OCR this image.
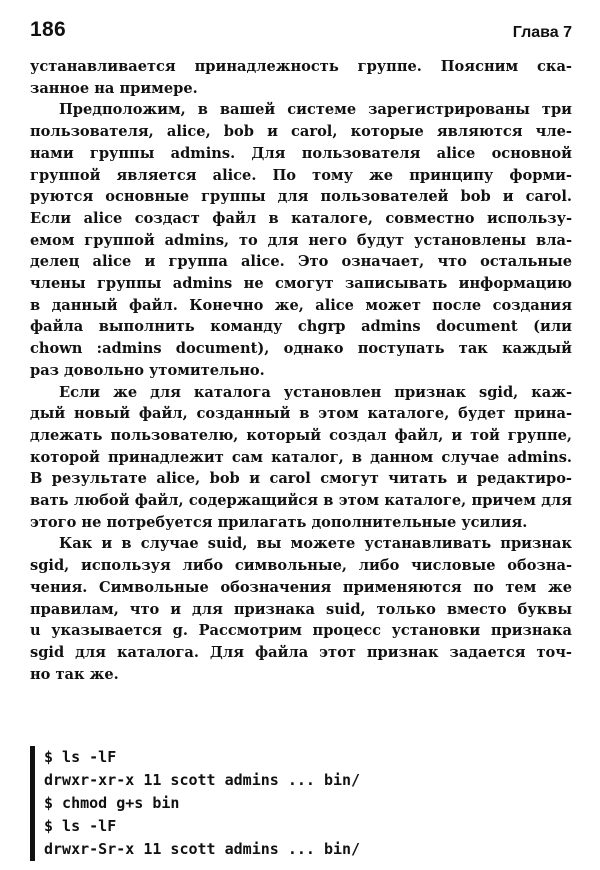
186	Глава 7

устанавливается принадлежность группе. Поясним ска-
занное на примере.

Предположим, в вашей системе зарегистрированы три
пользователя, alice, bob и carol, которые являются чле-
нами группы admins. Для пользователя alice основной
группой является alice. По тому же принципу форми-
руются основные группы для пользователей bob и carol.
Если alice создаст файл в каталоге, совместно использу-
емом группой admins, то для него будут установлены вла-
делец alice и группа alice. Это означает, что остальные
члены группы admins не смогут записывать информацию
в данный файл. Конечно же, alice может после создания
файла выполнить команду chgrp admins document (или
chown :admins document), однако поступать так каждый
раз довольно утомительно.

Если же для каталога установлен признак sgid, каж-
дый новый файл, созданный в этом каталоге, будет прина-
длежать пользователю, который создал файл, и той группе,
которой принадлежит сам каталог, в данном случае admins.
В результате alice, bob и carol смогут читать и редактиро-
вать любой файл, содержащийся в этом каталоге, причем для
этого не потребуется прилагать дополнительные усилия.

Как и в случае suid, вы можете устанавливать признак
sgid, используя либо символьные, либо числовые обозна-
чения. Символьные обозначения применяются по тем же
правилам, что и для признака suid, только вместо буквы
u указывается g. Рассмотрим процесс установки признака
sgid для каталога. Для файла этот признак задается точ-
но так же.

$ ls -lF
drwxr-xr-x 11 scott admins ... bin/
$ chmod g+s bin
$ ls -lF
drwxr-Sr-x 11 scott admins ... bin/
